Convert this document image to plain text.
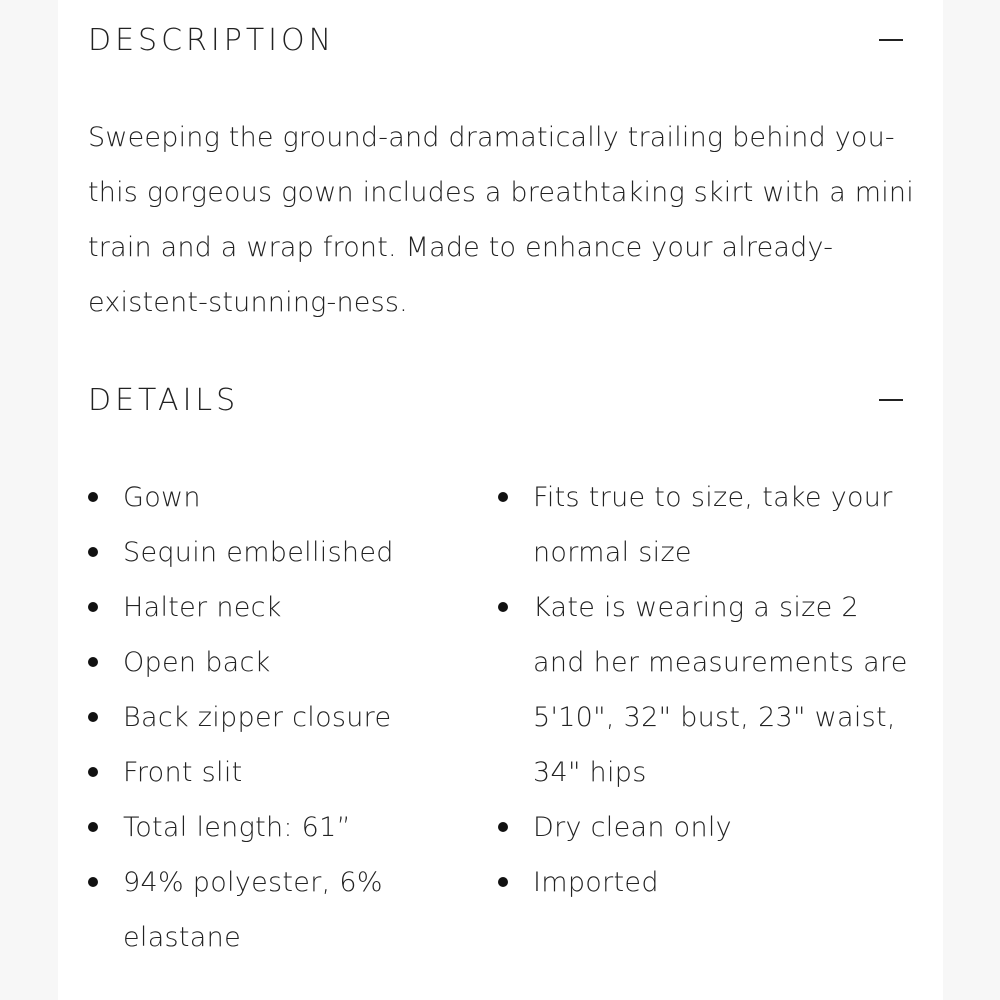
DESCRIPTION

Sweeping the ground-and dramatically trailing behind you-this gorgeous gown includes a breathtaking skirt with a mini train and a wrap front. Made to enhance your already-existent-stunning-ness.

DETAILS
Gown
Sequin embellished
Halter neck
Open back
Back zipper closure
Front slit
Total length: 61”
94% polyester, 6% elastane
Fits true to size, take your normal size
Kate is wearing a size 2 and her measurements are 5'10", 32" bust, 23" waist, 34" hips
Dry clean only
Imported
